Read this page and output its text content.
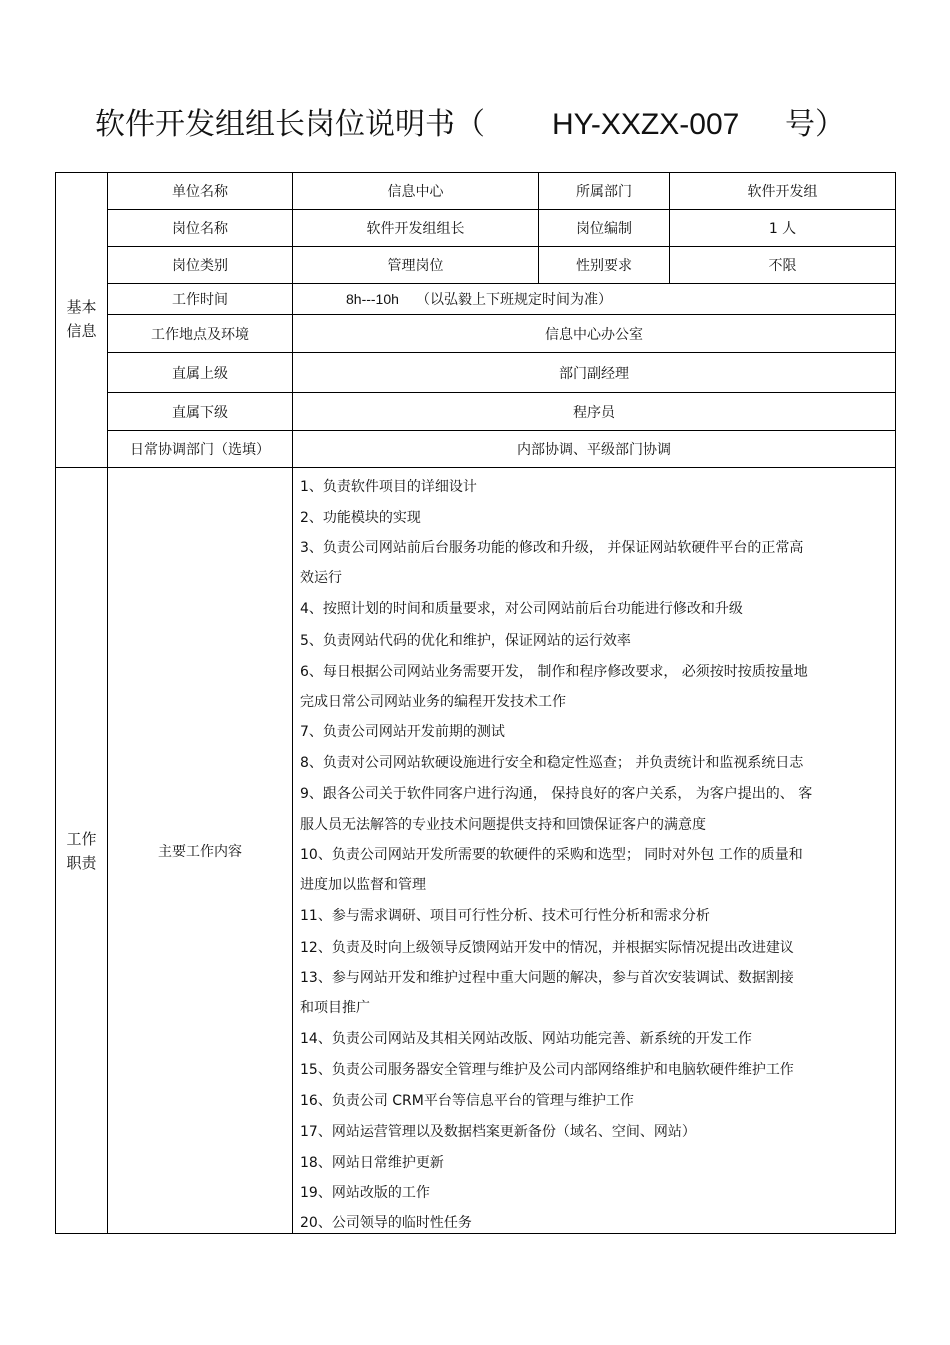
软件开发组组长岗位说明书（ HY-XXZX-007 号）
基本
信息
工作
职责
单位名称	信息中心	所属部门	软件开发组
岗位名称	软件开发组组长	岗位编制	1 人
岗位类别	管理岗位	性别要求	不限
工作时间	8h---10h	（以弘毅上下班规定时间为准）
工作地点及环境	信息中心办公室
直属上级	部门副经理
直属下级	程序员
日常协调部门（选填）	内部协调、平级部门协调
主要工作内容
1、负责软件项目的详细设计
2、功能模块的实现
3、负责公司网站前后台服务功能的修改和升级， 并保证网站软硬件平台的正常高
效运行
4、按照计划的时间和质量要求，对公司网站前后台功能进行修改和升级
5、负责网站代码的优化和维护，保证网站的运行效率
6、每日根据公司网站业务需要开发， 制作和程序修改要求， 必须按时按质按量地
完成日常公司网站业务的编程开发技术工作
7、负责公司网站开发前期的测试
8、负责对公司网站软硬设施进行安全和稳定性巡查； 并负责统计和监视系统日志
9、跟各公司关于软件同客户进行沟通， 保持良好的客户关系， 为客户提出的、 客
服人员无法解答的专业技术问题提供支持和回馈保证客户的满意度
10、负责公司网站开发所需要的软硬件的采购和选型； 同时对外包 工作的质量和
进度加以监督和管理
11、参与需求调研、项目可行性分析、技术可行性分析和需求分析
12、负责及时向上级领导反馈网站开发中的情况，并根据实际情况提出改进建议
13、参与网站开发和维护过程中重大问题的解决，参与首次安装调试、数据割接
和项目推广
14、负责公司网站及其相关网站改版、网站功能完善、新系统的开发工作
15、负责公司服务器安全管理与维护及公司内部网络维护和电脑软硬件维护工作
16、负责公司 CRM平台等信息平台的管理与维护工作
17、网站运营管理以及数据档案更新备份（域名、空间、网站）
18、网站日常维护更新
19、网站改版的工作
20、公司领导的临时性任务
